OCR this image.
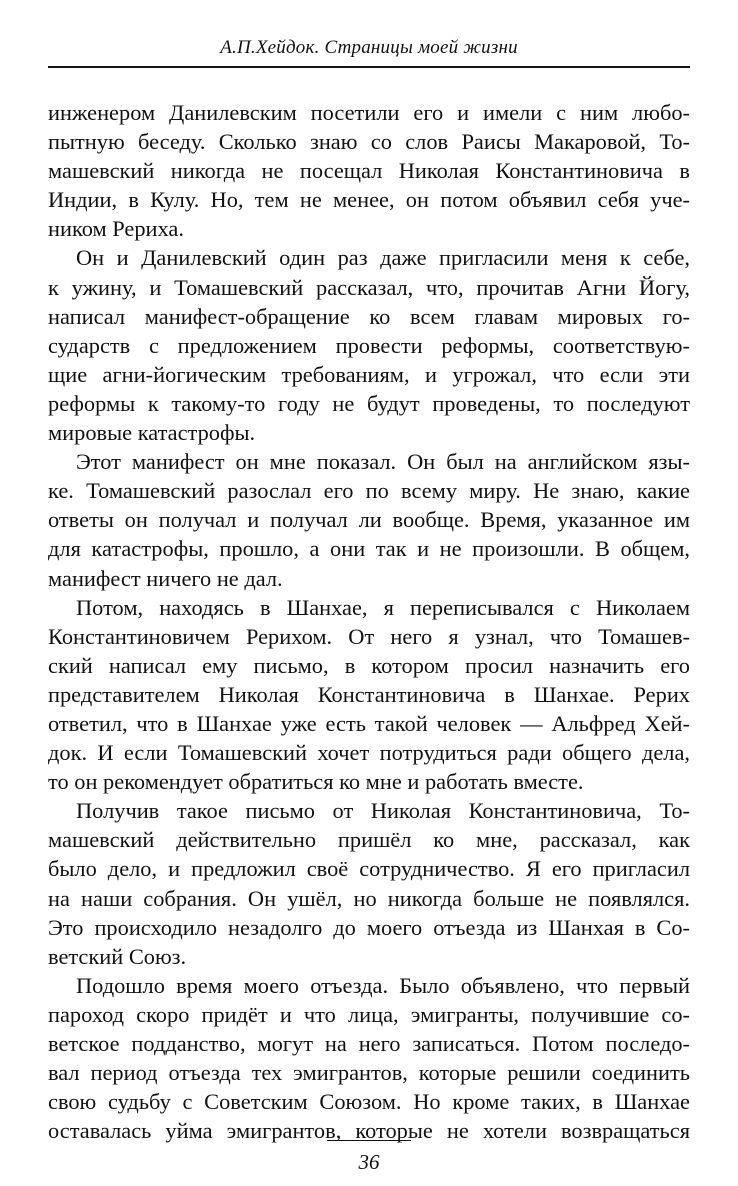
А.П.Хейдок. Страницы моей жизни
инженером Данилевским посетили его и имели с ним любо-
пытную беседу. Сколько знаю со слов Раисы Макаровой, То-
машевский никогда не посещал Николая Константиновича в
Индии, в Кулу. Но, тем не менее, он потом объявил себя уче-
ником Рериха.
Он и Данилевский один раз даже пригласили меня к себе,
к ужину, и Томашевский рассказал, что, прочитав Агни Йогу,
написал манифест-обращение ко всем главам мировых го-
сударств с предложением провести реформы, соответствую-
щие агни-йогическим требованиям, и угрожал, что если эти
реформы к такому-то году не будут проведены, то последуют
мировые катастрофы.
Этот манифест он мне показал. Он был на английском язы-
ке. Томашевский разослал его по всему миру. Не знаю, какие
ответы он получал и получал ли вообще. Время, указанное им
для катастрофы, прошло, а они так и не произошли. В общем,
манифест ничего не дал.
Потом, находясь в Шанхае, я переписывался с Николаем
Константиновичем Рерихом. От него я узнал, что Томашев-
ский написал ему письмо, в котором просил назначить его
представителем Николая Константиновича в Шанхае. Рерих
ответил, что в Шанхае уже есть такой человек — Альфред Хей-
док. И если Томашевский хочет потрудиться ради общего дела,
то он рекомендует обратиться ко мне и работать вместе.
Получив такое письмо от Николая Константиновича, То-
машевский действительно пришёл ко мне, рассказал, как
было дело, и предложил своё сотрудничество. Я его пригласил
на наши собрания. Он ушёл, но никогда больше не появлялся.
Это происходило незадолго до моего отъезда из Шанхая в Со-
ветский Союз.
Подошло время моего отъезда. Было объявлено, что первый
пароход скоро придёт и что лица, эмигранты, получившие со-
ветское подданство, могут на него записаться. Потом последо-
вал период отъезда тех эмигрантов, которые решили соединить
свою судьбу с Советским Союзом. Но кроме таких, в Шанхае
оставалась уйма эмигрантов, которые не хотели возвращаться
36
